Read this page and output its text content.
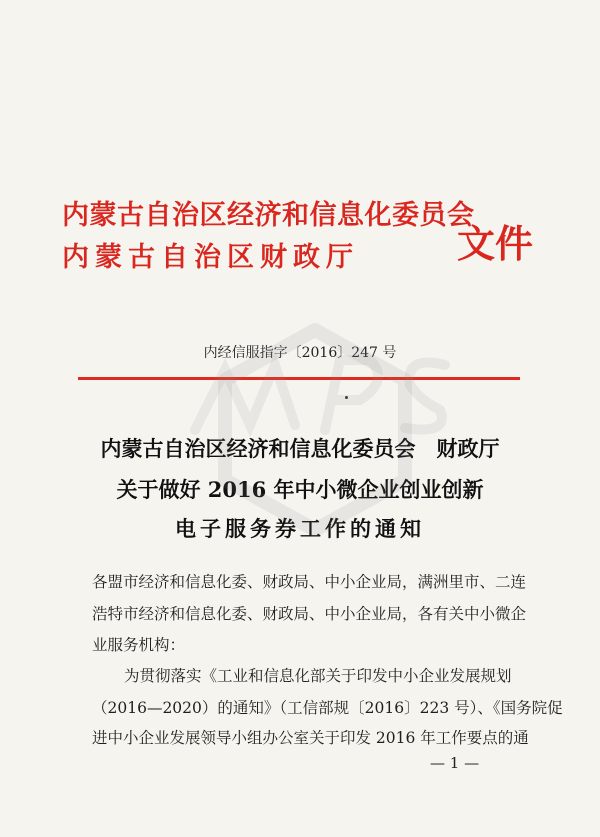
内蒙古自治区经济和信息化委员会
内蒙古自治区财政厅	文件
内经信服指字〔2016〕247 号
内蒙古自治区经济和信息化委员会　财政厅
关于做好 2016 年中小微企业创业创新
电子服务券工作的通知
各盟市经济和信息化委、财政局、中小企业局，满洲里市、二连
浩特市经济和信息化委、财政局、中小企业局，各有关中小微企
业服务机构：
为贯彻落实《工业和信息化部关于印发中小企业发展规划
（2016—2020）的通知》（工信部规〔2016〕223 号）、《国务院促
进中小企业发展领导小组办公室关于印发 2016 年工作要点的通
— 1 —
